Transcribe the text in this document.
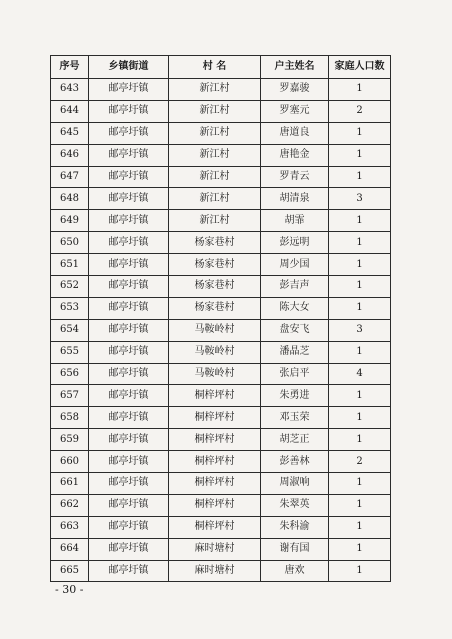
序号	乡镇街道	村 名	户主姓名	家庭人口数
643	邮亭圩镇	新江村	罗嘉骏	1
644	邮亭圩镇	新江村	罗塞元	2
645	邮亭圩镇	新江村	唐道良	1
646	邮亭圩镇	新江村	唐艳金	1
647	邮亭圩镇	新江村	罗青云	1
648	邮亭圩镇	新江村	胡清泉	3
649	邮亭圩镇	新江村	胡霏	1
650	邮亭圩镇	杨家巷村	彭远明	1
651	邮亭圩镇	杨家巷村	周少国	1
652	邮亭圩镇	杨家巷村	彭吉声	1
653	邮亭圩镇	杨家巷村	陈大女	1
654	邮亭圩镇	马鞍岭村	盘安飞	3
655	邮亭圩镇	马鞍岭村	潘晶芝	1
656	邮亭圩镇	马鞍岭村	张启平	4
657	邮亭圩镇	桐梓坪村	朱勇进	1
658	邮亭圩镇	桐梓坪村	邓玉荣	1
659	邮亭圩镇	桐梓坪村	胡芝正	1
660	邮亭圩镇	桐梓坪村	彭善林	2
661	邮亭圩镇	桐梓坪村	周淑响	1
662	邮亭圩镇	桐梓坪村	朱翠英	1
663	邮亭圩镇	桐梓坪村	朱科渝	1
664	邮亭圩镇	麻时塘村	谢有国	1
665	邮亭圩镇	麻时塘村	唐欢	1
- 30 -
